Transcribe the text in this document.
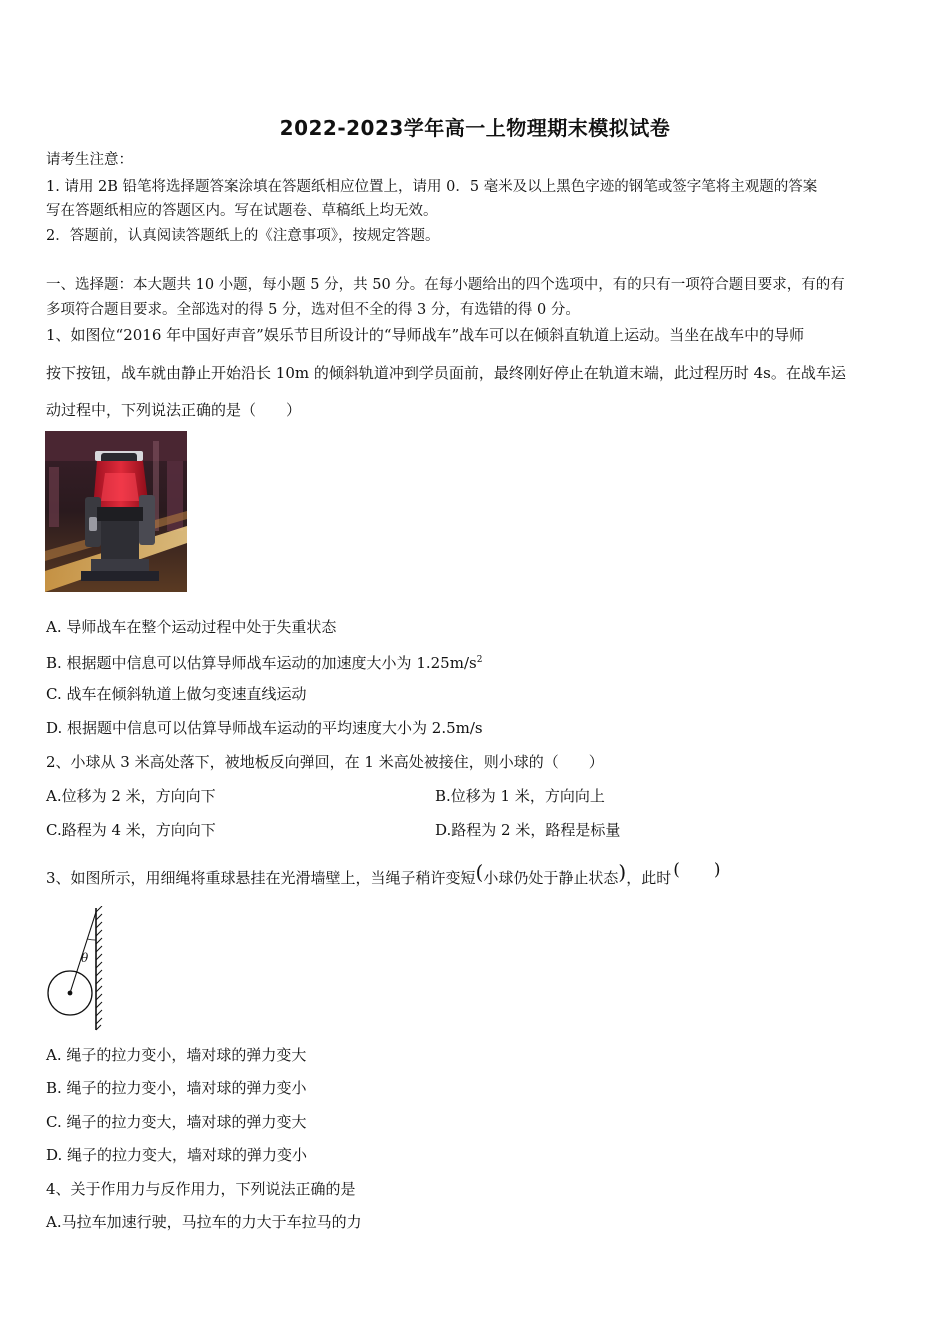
2022-2023学年高一上物理期末模拟试卷
请考生注意：
1. 请用 2B 铅笔将选择题答案涂填在答题纸相应位置上，请用 0．5 毫米及以上黑色字迹的钢笔或签字笔将主观题的答案
写在答题纸相应的答题区内。写在试题卷、草稿纸上均无效。
2．答题前，认真阅读答题纸上的《注意事项》，按规定答题。
一、选择题：本大题共 10 小题，每小题 5 分，共 50 分。在每小题给出的四个选项中，有的只有一项符合题目要求，有的有
多项符合题目要求。全部选对的得 5 分，选对但不全的得 3 分，有选错的得 0 分。
1、如图位“2016 年中国好声音”娱乐节目所设计的“导师战车”战车可以在倾斜直轨道上运动。当坐在战车中的导师
按下按钮，战车就由静止开始沿长 10m 的倾斜轨道冲到学员面前，最终刚好停止在轨道末端，此过程历时 4s。在战车运
动过程中，下列说法正确的是（　　）
A. 导师战车在整个运动过程中处于失重状态
B. 根据题中信息可以估算导师战车运动的加速度大小为 $1.25m/s^2$
C. 战车在倾斜轨道上做匀变速直线运动
D. 根据题中信息可以估算导师战车运动的平均速度大小为 2.5m/s
2、小球从 3 米高处落下，被地板反向弹回，在 1 米高处被接住，则小球的（　　）
A.位移为 2 米，方向向下	B.位移为 1 米，方向向上
C.路程为 4 米，方向向下	D.路程为 2 米，路程是标量
3、如图所示，用细绳将重球悬挂在光滑墙壁上，当绳子稍许变短(小球仍处于静止状态)，此时 (　　)
θ
A. 绳子的拉力变小，墙对球的弹力变大
B. 绳子的拉力变小，墙对球的弹力变小
C. 绳子的拉力变大，墙对球的弹力变大
D. 绳子的拉力变大，墙对球的弹力变小
4、关于作用力与反作用力，下列说法正确的是
A.马拉车加速行驶，马拉车的力大于车拉马的力
